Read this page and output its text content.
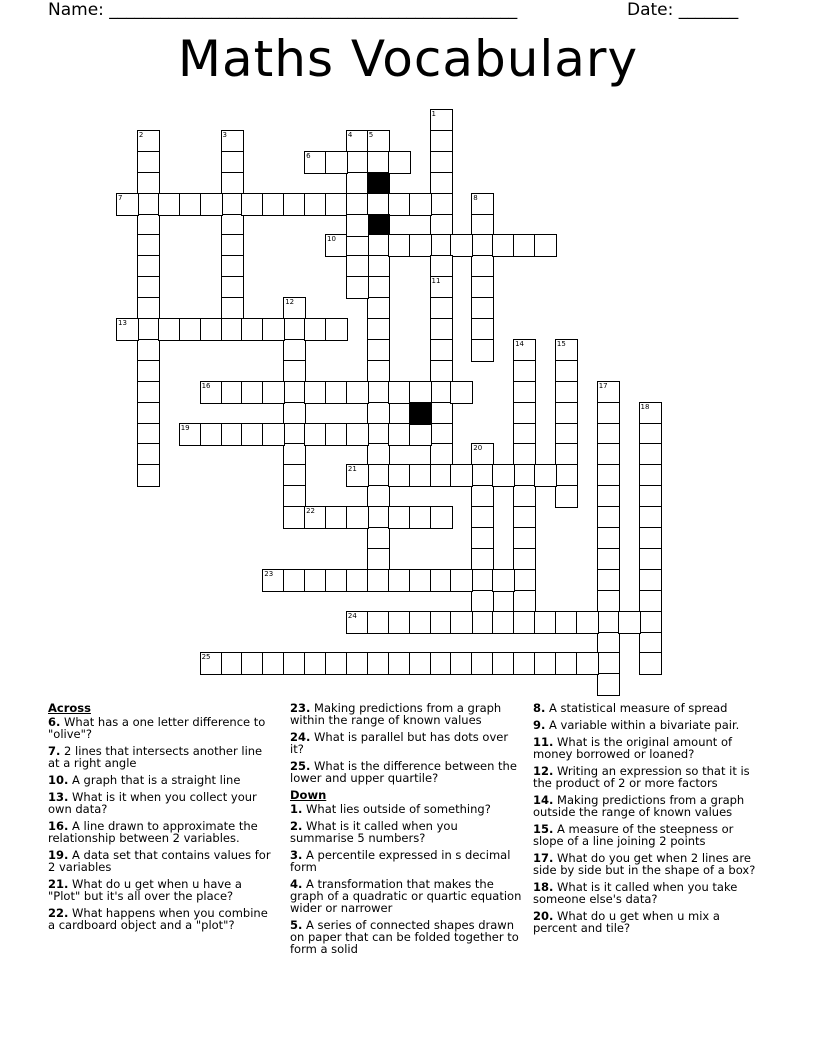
Name: ________________________________________________	Date: _______
Maths Vocabulary
1
2	3	4 5
6
7	8
9
10
11
12
13
14	15
16	17
18
19
20
21
22
23
24
25
Across
6. What has a one letter difference to "olive"?
7. 2 lines that intersects another line at a right angle
10. A graph that is a straight line
13. What is it when you collect your own data?
16. A line drawn to approximate the relationship between 2 variables.
19. A data set that contains values for 2 variables
21. What do u get when u have a "Plot" but it's all over the place?
22. What happens when you combine a cardboard object and a "plot"?
23. Making predictions from a graph within the range of known values
24. What is parallel but has dots over it?
25. What is the difference between the lower and upper quartile?
Down
1. What lies outside of something?
2. What is it called when you summarise 5 numbers?
3. A percentile expressed in s decimal form
4. A transformation that makes the graph of a quadratic or quartic equation wider or narrower
5. A series of connected shapes drawn on paper that can be folded together to form a solid
8. A statistical measure of spread
9. A variable within a bivariate pair.
11. What is the original amount of money borrowed or loaned?
12. Writing an expression so that it is the product of 2 or more factors
14. Making predictions from a graph outside the range of known values
15. A measure of the steepness or slope of a line joining 2 points
17. What do you get when 2 lines are side by side but in the shape of a box?
18. What is it called when you take someone else's data?
20. What do u get when u mix a percent and tile?
